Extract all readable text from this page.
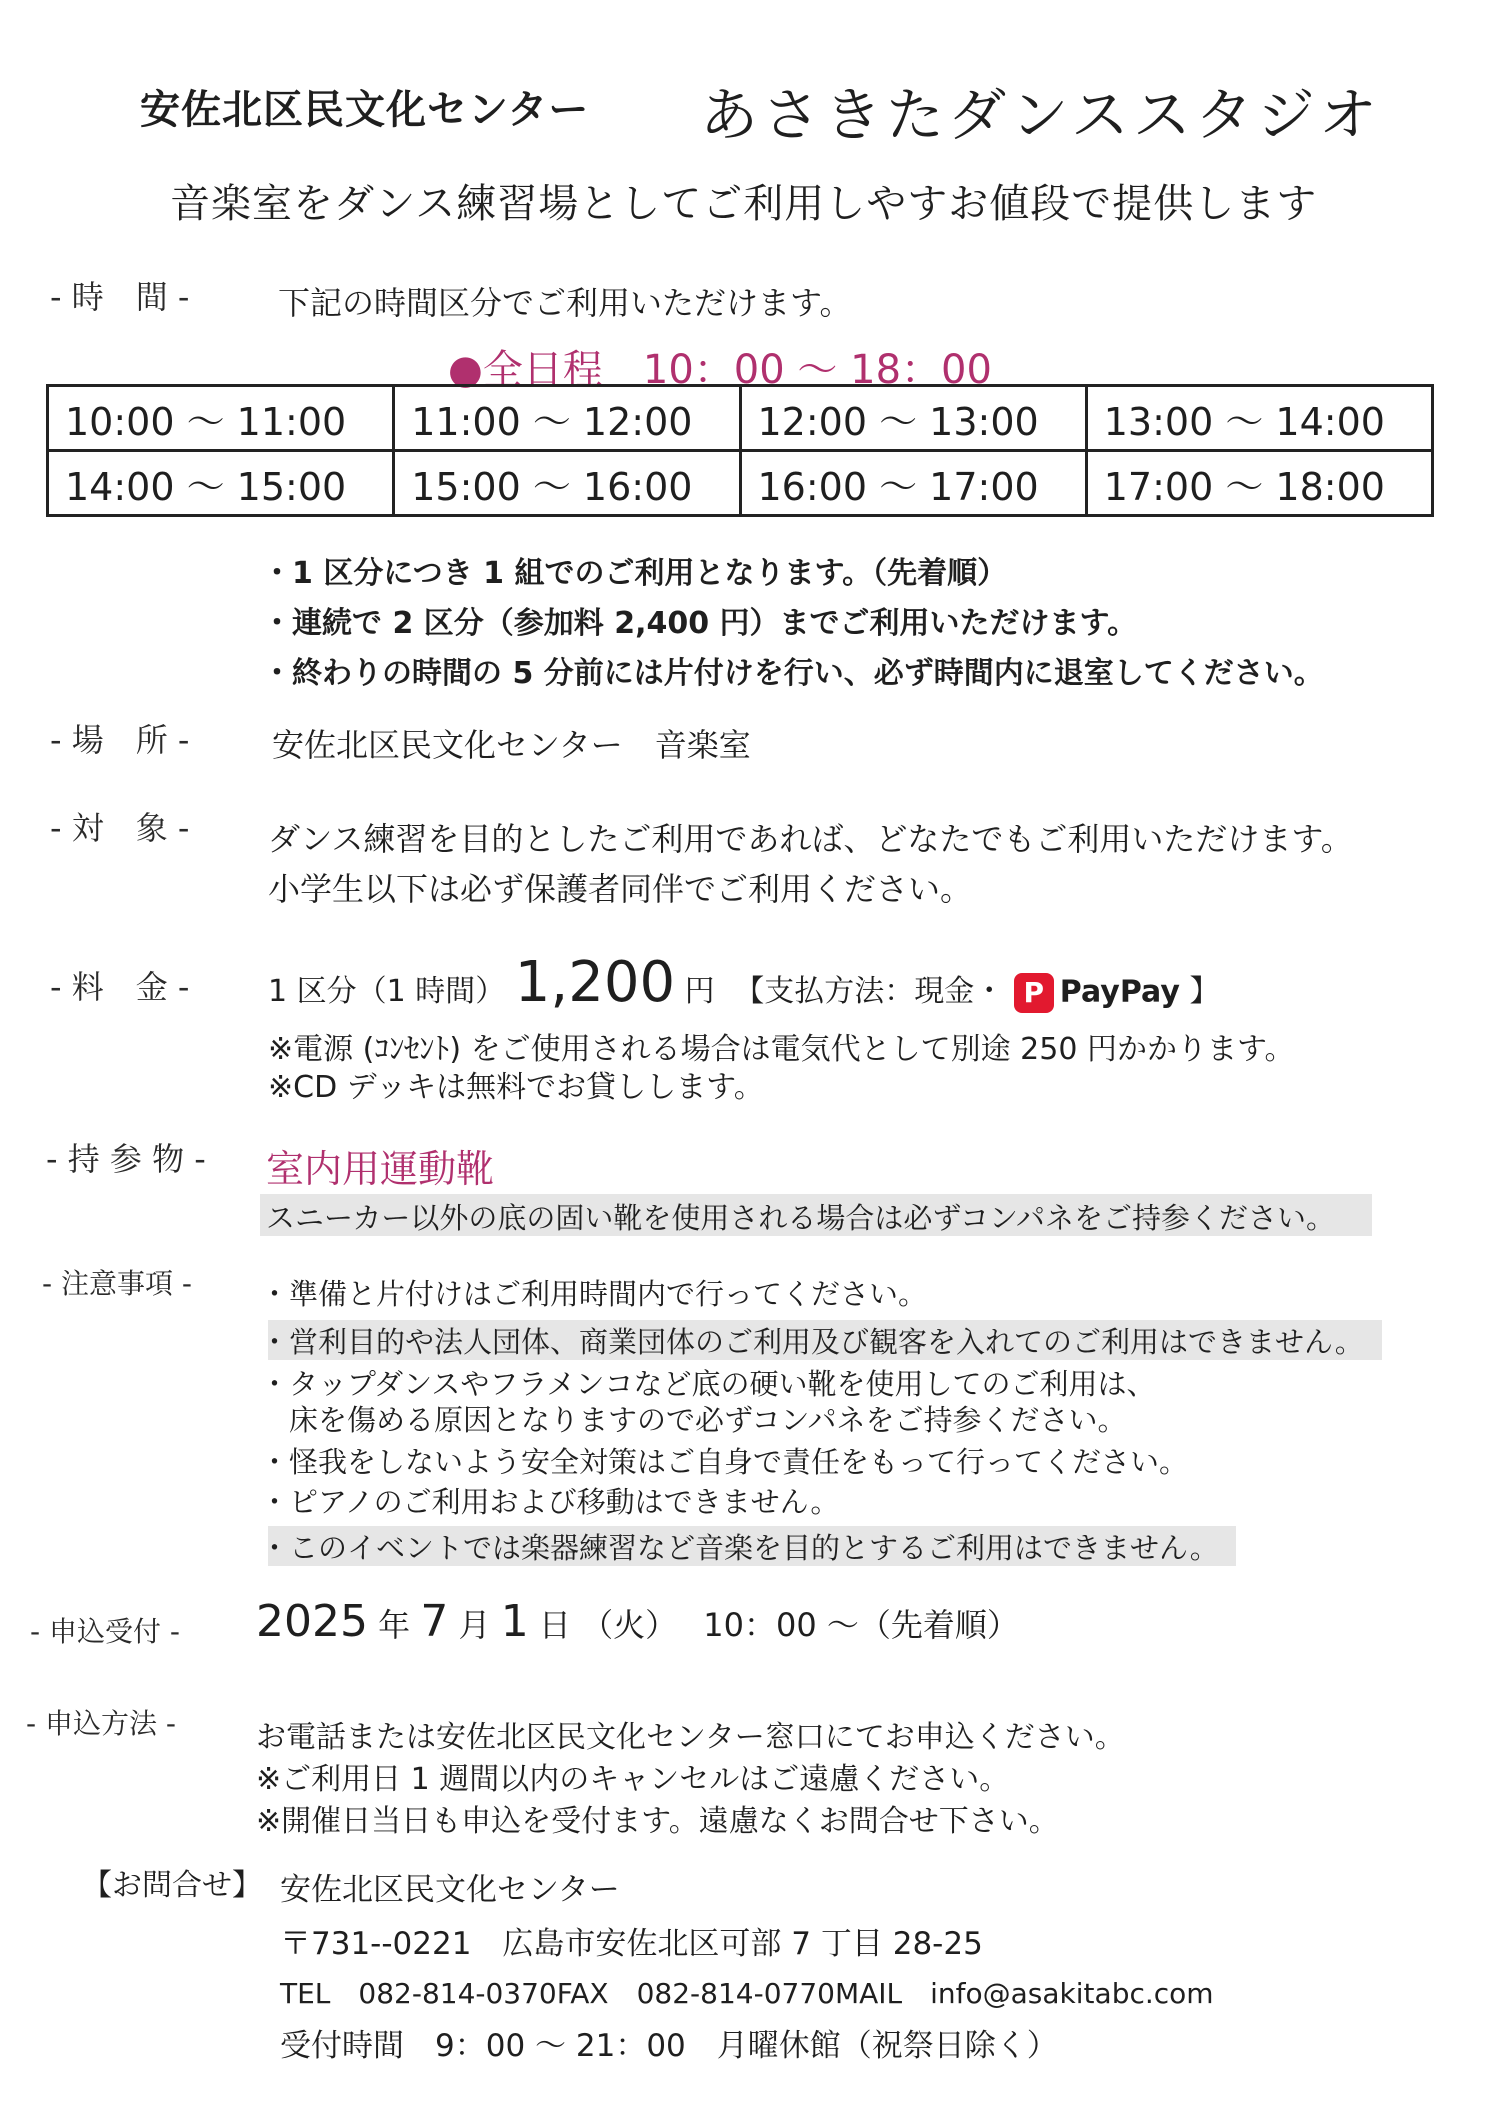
安佐北区民文化センター あさきたダンススタジオ
音楽室をダンス練習場としてご利用しやすお値段で提供します
- 時　間 -	下記の時間区分でご利用いただけます。
●全日程　10：00 ～ 18：00
10:00 ～ 11:00	11:00 ～ 12:00	12:00 ～ 13:00	13:00 ～ 14:00
14:00 ～ 15:00	15:00 ～ 16:00	16:00 ～ 17:00	17:00 ～ 18:00
・1 区分につき 1 組でのご利用となります。（先着順）
・連続で 2 区分（参加料 2,400 円）までご利用いただけます。
・終わりの時間の 5 分前には片付けを行い、必ず時間内に退室してください。
- 場　所 -	安佐北区民文化センター　音楽室
- 対　象 - ダンス練習を目的としたご利用であれば、どなたでもご利用いただけます。
小学生以下は必ず保護者同伴でご利用ください。
- 料　金 -	1 区分（1 時間） 1,200 円 【支払方法：現金・ P PayPay 】
※電源 (ｺﾝｾﾝﾄ) をご使用される場合は電気代として別途 250 円かかります。
※CD デッキは無料でお貸しします。
- 持 参 物 - 室内用運動靴
スニーカー以外の底の固い靴を使用される場合は必ずコンパネをご持参ください。
- 注意事項 - ・準備と片付けはご利用時間内で行ってください。
・営利目的や法人団体、商業団体のご利用及び観客を入れてのご利用はできません。
・タップダンスやフラメンコなど底の硬い靴を使用してのご利用は、
　床を傷める原因となりますので必ずコンパネをご持参ください。
・怪我をしないよう安全対策はご自身で責任をもって行ってください。
・ピアノのご利用および移動はできません。
・このイベントでは楽器練習など音楽を目的とするご利用はできません。
- 申込受付 - 2025 年 7 月 1 日 （火） 10：00 ～（先着順）
- 申込方法 -	お電話または安佐北区民文化センター窓口にてお申込ください。
※ご利用日 1 週間以内のキャンセルはご遠慮ください。
※開催日当日も申込を受付ます。遠慮なくお問合せ下さい。
【お問合せ】 安佐北区民文化センター
〒731--0221　広島市安佐北区可部 7 丁目 28-25
TEL　082-814-0370FAX　082-814-0770MAIL　info@asakitabc.com
受付時間　9：00 ～ 21：00　月曜休館（祝祭日除く）
